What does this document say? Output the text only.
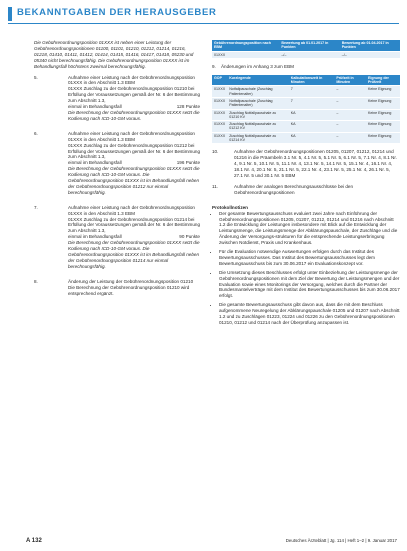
BEKANNTGABEN DER HERAUSGEBER

Die Gebührenordnungsposition 01XXX ist neben einer Leistung der Gebührenordnungspositionen 01100, 01101, 01210, 01212, 01214, 01216, 01218, 01410, 01411, 01412, 01414, 01415, 01416, 01417, 01418, 05230 und 05340 nicht berechnungsfähig. Die Gebührenordnungsposition 01XXX ist im Behandlungsfall höchstens zweimal berechnungsfähig.

5.	Aufnahme einer Leistung nach der Gebührenordnungsposition 01XXX in den Abschnitt 1.3 EBM
01XXX Zuschlag zu der Gebührenordnungsposition 01210 bei Erfüllung der Voraussetzungen gemäß der Nr. 6 der Bestimmung zum Abschnitt 1.3,
einmal im Behandlungsfall	128 Punkte
Die Berechnung der Gebührenordnungsposition 01XXX setzt die Kodierung nach ICD-10-GM voraus.
6.	Aufnahme einer Leistung nach der Gebührenordnungsposition 01XXX in den Abschnitt 1.3 EBM
01XXX Zuschlag zu der Gebührenordnungsposition 01212 bei Erfüllung der Voraussetzungen gemäß der Nr. 6 der Bestimmung zum Abschnitt 1.3,
einmal im Behandlungsfall	196 Punkte
Die Berechnung der Gebührenordnungsposition 01XXX setzt die Kodierung nach ICD-10-GM voraus. Die Gebührenordnungsposition 01XXX ist im Behandlungsfall neben der Gebührenordnungsposition 01212 nur einmal berechnungsfähig.
7.	Aufnahme einer Leistung nach der Gebührenordnungsposition 01XXX in den Abschnitt 1.3 EBM
01XXX Zuschlag zu der Gebührenordnungsposition 01214 bei Erfüllung der Voraussetzungen gemäß der Nr. 6 der Bestimmung zum Abschnitt 1.3,
einmal im Behandlungsfall	90 Punkte
Die Berechnung der Gebührenordnungsposition 01XXX setzt die Kodierung nach ICD-10-GM voraus. Die Gebührenordnungsposition 01XXX ist im Behandlungsfall neben der Gebührenordnungsposition 01214 nur einmal berechnungsfähig.
8.	Änderung der Leistung der Gebührenordnungsposition 01210
Die Berechnung der Gebührenordnungsposition 01210 wird entsprechend ergänzt.
Gebührenordnungsposition nach EBM	Bewertung ab 01.01.2017 in Punkten	Bewertung ab 01.04.2017 in Punkten
01XXX	–/–	–/–
9. Änderungen im Anhang 3 zum EBM
GOP	Kurzlegende	Kalkulationszeit in Minuten	Prüfzeit in Minuten	Eignung der Prüfzeit
01XXX	Notfallpauschale (Zuschlag Patientenalter)	7	–	Keine Eignung
01XXX	Notfallpauschale (Zuschlag Patientenalter)	7	–	Keine Eignung
01XXX	Zuschlag Notfallpauschale zu 01210 KV	KA	–	Keine Eignung
01XXX	Zuschlag Notfallpauschale zu 01212 KV	KA	–	Keine Eignung
01XXX	Zuschlag Notfallpauschale zu 01214 KV	KA	–	Keine Eignung
10.	Aufnahme der Gebührenordnungspositionen 01205, 01207, 01212, 01214 und 01216 in die Präambeln 3.1 Nr. 5, 4.1 Nr. 5, 5.1 Nr. 5, 6.1 Nr. 5, 7.1 Nr. 4, 8.1 Nr. 4, 9.1 Nr. 5, 10.1 Nr. 5, 11.1 Nr. 4, 13.1 Nr. 5, 14.1 Nr. 5, 15.1 Nr. 4, 16.1 Nr. 4, 18.1 Nr. 4, 20.1 Nr. 5, 21.1 Nr. 5, 22.1 Nr. 4, 23.1 Nr. 5, 25.1 Nr. 4, 26.1 Nr. 5, 27.1 Nr. 5 und 30.1 Nr. 5 EBM
11.	Aufnahme der analogen Berechnungsausschlüsse bei den Gebührenordnungspositionen
Protokollnotizen
• Der gesamte Bewertungsausschuss evaluiert zwei Jahre nach Einführung der Gebührenordnungspositionen 01205, 01207, 01212, 01214 und 01216 nach Abschnitt 1.2 die Entwicklung der Leistungen insbesondere mit Blick auf die Entwicklung der Leistungsmenge, die Leistungsmenge der Abklärungspauschale, der Zuschläge und die Änderung der Versorgungs-strukturen für die entsprechende Leistungserbringung zwischen Notdienst, Praxis und Krankenhaus.
• Für die Evaluation notwendige Auswertungen erfolgen durch das Institut des Bewertungsausschusses. Das Institut des Bewertungsausschusses legt dem Bewertungsausschuss bis zum 30.06.2017 ein Evaluationskonzept vor.
• Die Umsetzung dieses Beschlusses erfolgt unter Einbeziehung der Leistungsmenge der Gebührenordnungspositionen mit dem Ziel der Bewertung der Leistungsmengen und der Evaluation sowie eines Monitorings der Versorgung, welches durch die Partner der Bundesmantelverträge mit dem Institut des Bewertungsausschusses bis zum 30.06.2017 erfolgt.
• Die gesamte Bewertungsausschuss gibt davon aus, dass die mit dem Beschluss aufgenommene Neuregelung der Abklärungspauschale 01205 und 01207 nach Abschnitt 1.2 und zu Zuschlägen 01223, 01224 und 01226 zu den Gebührenordnungspositionen 01210, 01212 und 01214 nach der Überprüfung anzupassen ist.
A 132	Deutsches Ärzteblatt | Jg. 114 | Heft 1–2 | 9. Januar 2017
